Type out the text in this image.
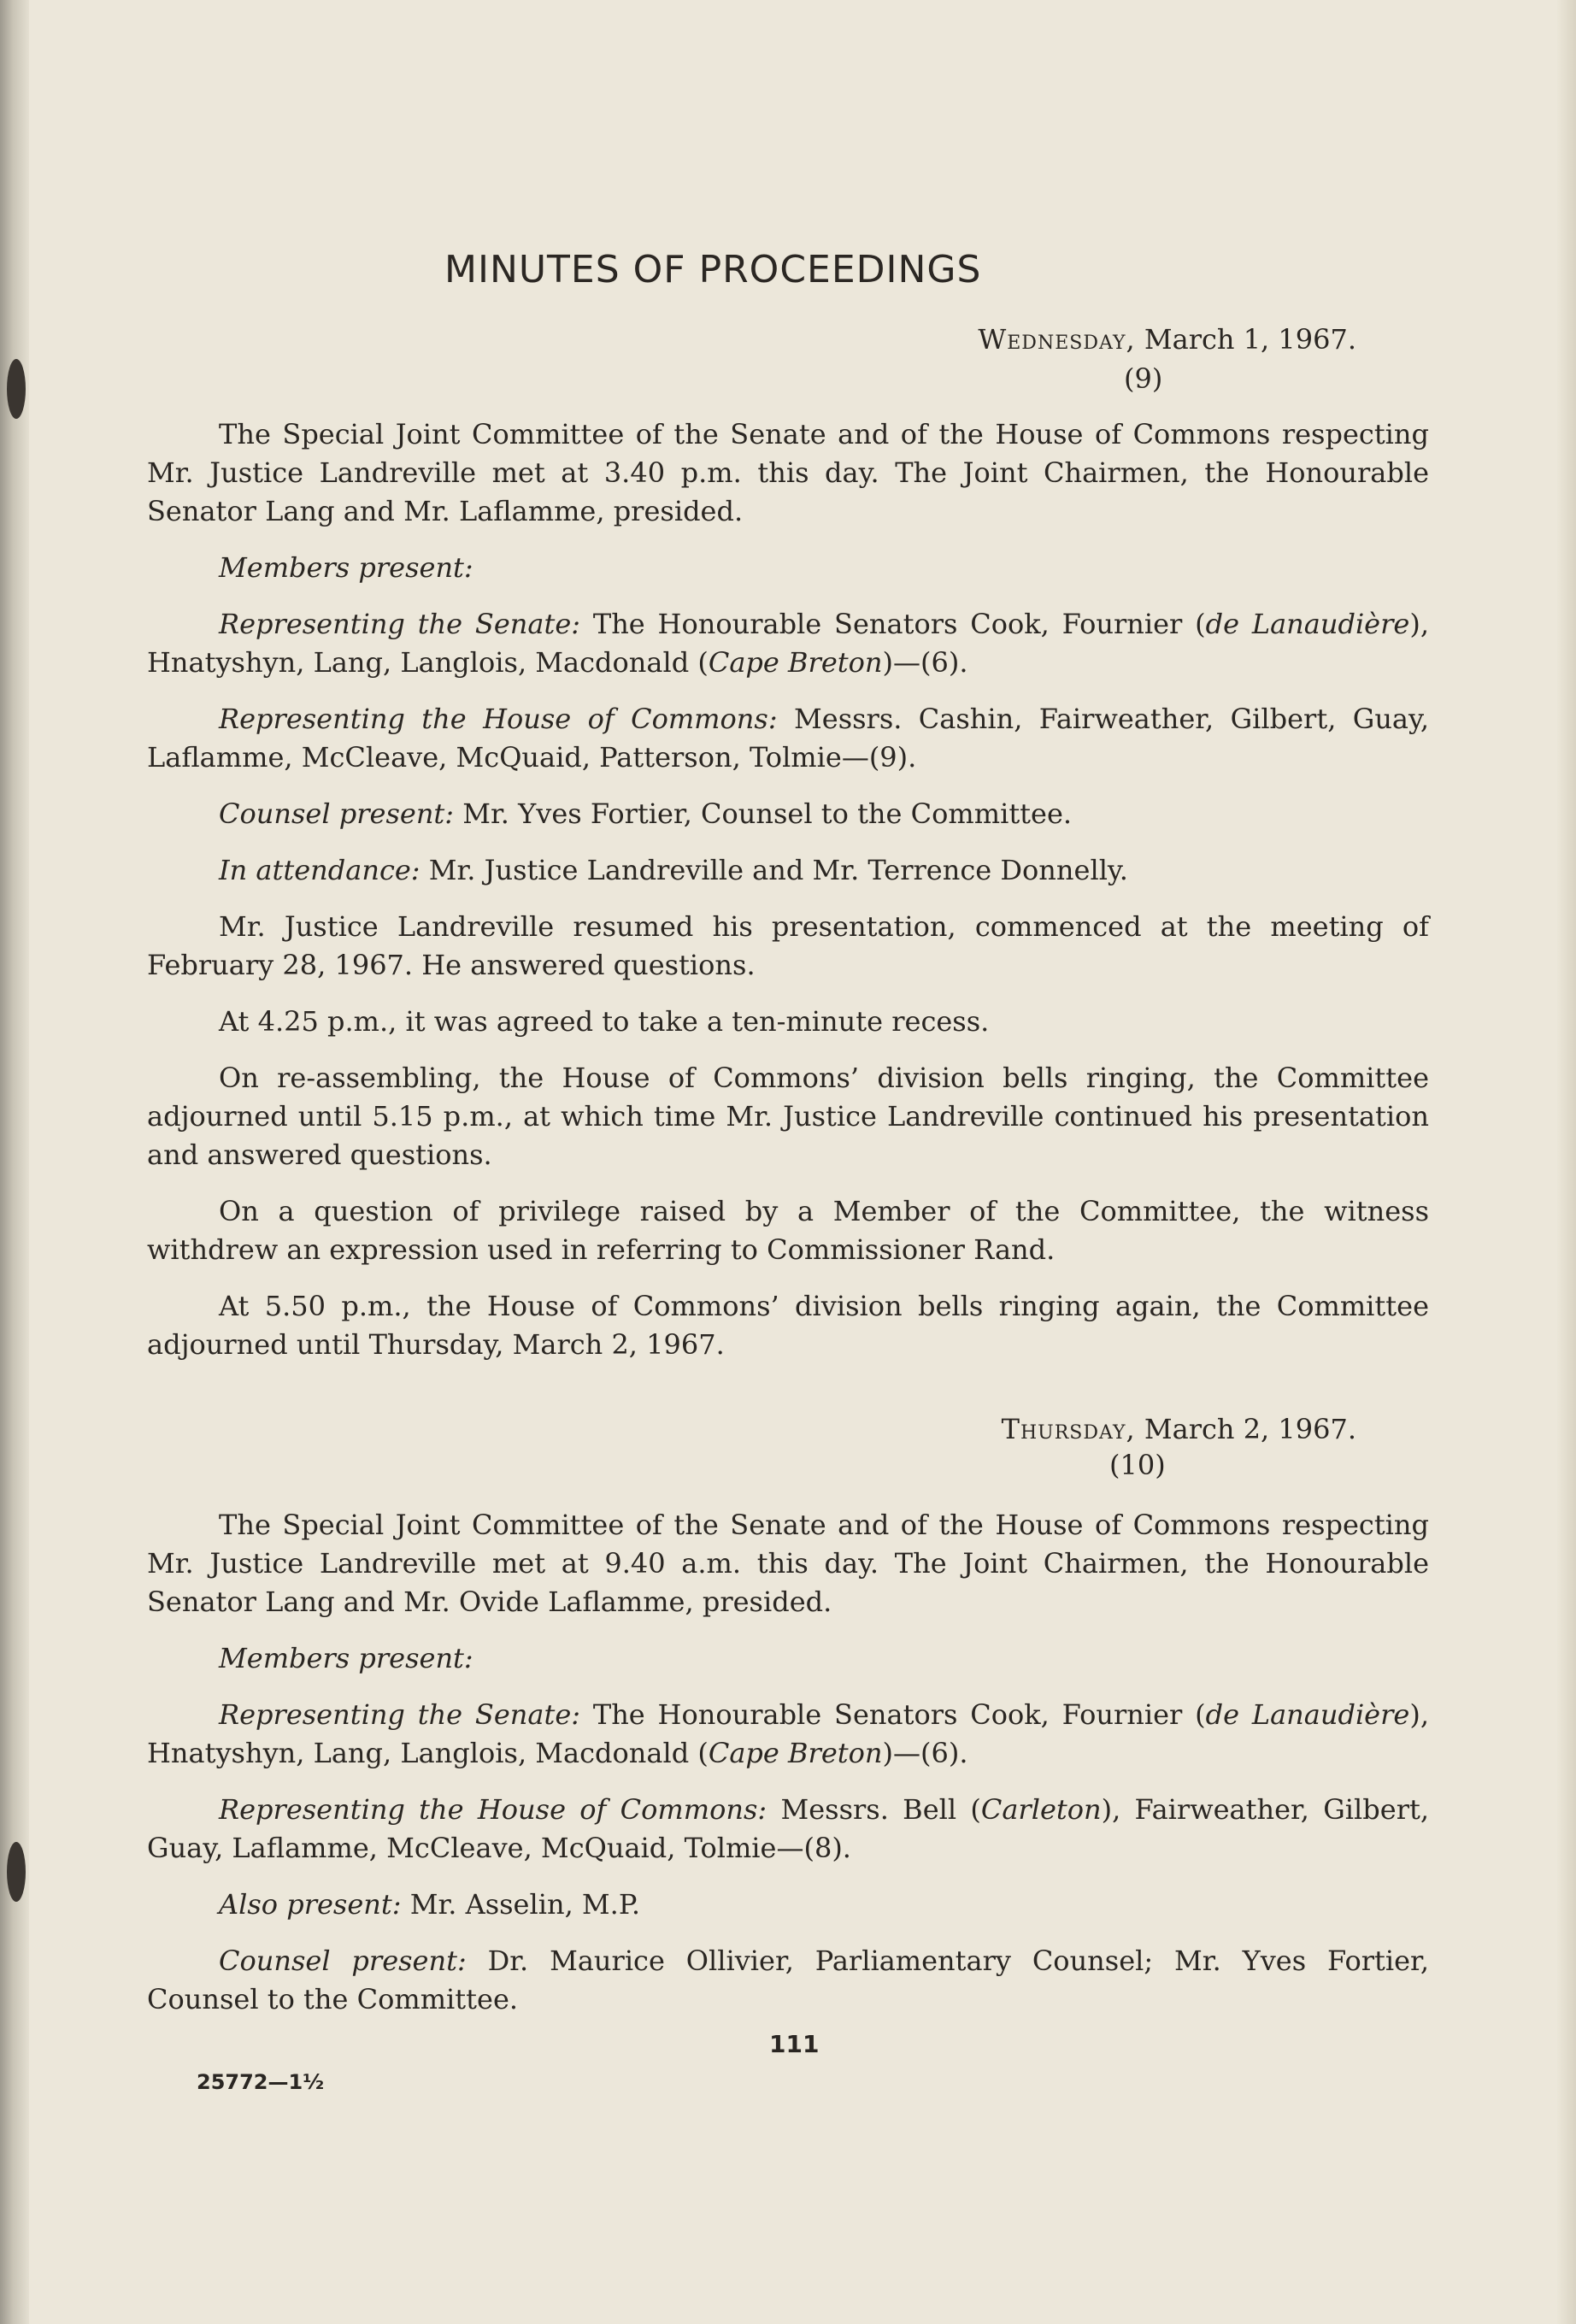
MINUTES OF PROCEEDINGS
Wednesday, March 1, 1967.
(9)

The Special Joint Committee of the Senate and of the House of Commons respecting Mr. Justice Landreville met at 3.40 p.m. this day. The Joint Chairmen, the Honourable Senator Lang and Mr. Laflamme, presided.

Members present:

Representing the Senate: The Honourable Senators Cook, Fournier (de Lanaudière), Hnatyshyn, Lang, Langlois, Macdonald (Cape Breton)—(6).

Representing the House of Commons: Messrs. Cashin, Fairweather, Gilbert, Guay, Laflamme, McCleave, McQuaid, Patterson, Tolmie—(9).

Counsel present: Mr. Yves Fortier, Counsel to the Committee.

In attendance: Mr. Justice Landreville and Mr. Terrence Donnelly.

Mr. Justice Landreville resumed his presentation, commenced at the meeting of February 28, 1967. He answered questions.

At 4.25 p.m., it was agreed to take a ten-minute recess.

On re-assembling, the House of Commons’ division bells ringing, the Committee adjourned until 5.15 p.m., at which time Mr. Justice Landreville continued his presentation and answered questions.

On a question of privilege raised by a Member of the Committee, the witness withdrew an expression used in referring to Commissioner Rand.

At 5.50 p.m., the House of Commons’ division bells ringing again, the Committee adjourned until Thursday, March 2, 1967.

Thursday, March 2, 1967.
(10)

The Special Joint Committee of the Senate and of the House of Commons respecting Mr. Justice Landreville met at 9.40 a.m. this day. The Joint Chairmen, the Honourable Senator Lang and Mr. Ovide Laflamme, presided.

Members present:

Representing the Senate: The Honourable Senators Cook, Fournier (de Lanaudière), Hnatyshyn, Lang, Langlois, Macdonald (Cape Breton)—(6).

Representing the House of Commons: Messrs. Bell (Carleton), Fairweather, Gilbert, Guay, Laflamme, McCleave, McQuaid, Tolmie—(8).

Also present: Mr. Asselin, M.P.

Counsel present: Dr. Maurice Ollivier, Parliamentary Counsel; Mr. Yves Fortier, Counsel to the Committee.

111
25772—1½
